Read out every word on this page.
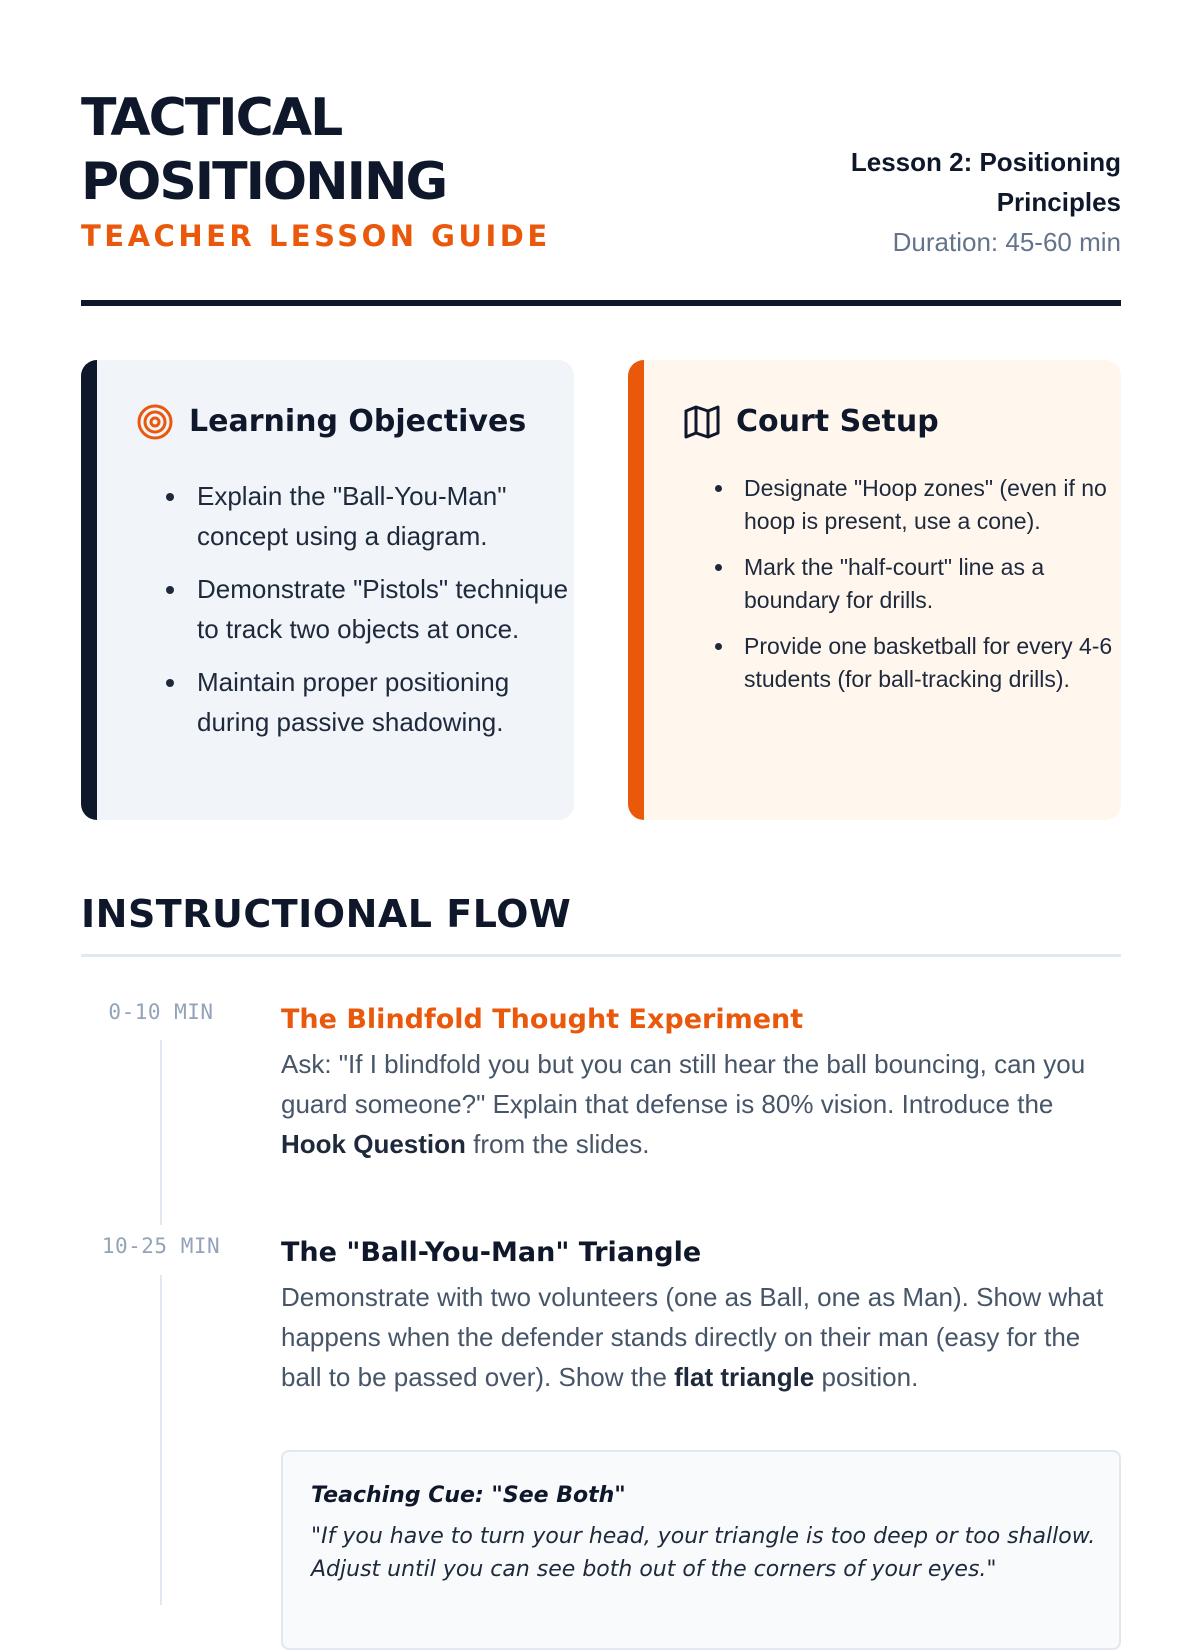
TACTICAL
POSITIONING
TEACHER LESSON GUIDE
Lesson 2: Positioning
Principles
Duration: 45-60 min
Learning Objectives
• Explain the "Ball-You-Man" concept using a diagram.
• Demonstrate "Pistols" technique to track two objects at once.
• Maintain proper positioning during passive shadowing.
Court Setup
• Designate "Hoop zones" (even if no hoop is present, use a cone).
• Mark the "half-court" line as a boundary for drills.
• Provide one basketball for every 4-6 students (for ball-tracking drills).
INSTRUCTIONAL FLOW
0-10 MIN	The Blindfold Thought Experiment

Ask: "If I blindfold you but you can still hear the ball bouncing, can you guard someone?" Explain that defense is 80% vision. Introduce the Hook Question from the slides.

10-25 MIN	The "Ball-You-Man" Triangle

Demonstrate with two volunteers (one as Ball, one as Man). Show what happens when the defender stands directly on their man (easy for the ball to be passed over). Show the flat triangle position.

Teaching Cue: "See Both"
"If you have to turn your head, your triangle is too deep or too shallow. Adjust until you can see both out of the corners of your eyes."
